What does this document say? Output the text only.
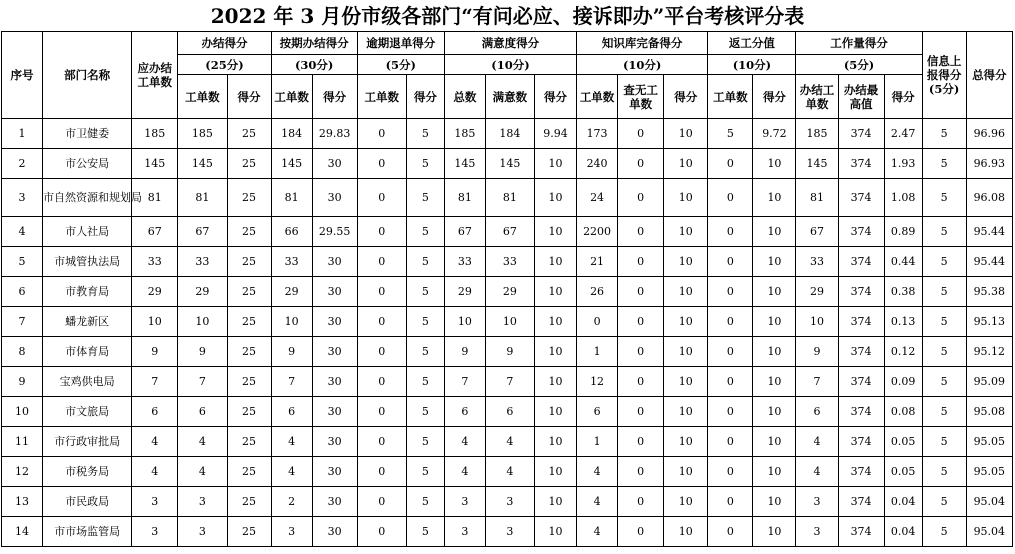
2022 年 3 月份市级各部门“有问必应、接诉即办”平台考核评分表
序号	部门名称	应办结工单数	办结得分		按期办结得分		逾期退单得分		满意度得分			知识库完备得分			返工分值		工作量得分			信息上报得分(5分)	总得分
			(25分)		(30分)		(5分)		(10分)			(10分)			(10分)		(5分)				
			工单数	得分	工单数	得分	工单数	得分	总数	满意数	得分	工单数	查无工单数	得分	工单数	得分	办结工单数	办结最高值	得分		
1	市卫健委	185	185	25	184	29.83	0	5	185	184	9.94	173	0	10	5	9.72	185	374	2.47	5	96.96
2	市公安局	145	145	25	145	30	0	5	145	145	10	240	0	10	0	10	145	374	1.93	5	96.93
3	市自然资源和规划局	81	81	25	81	30	0	5	81	81	10	24	0	10	0	10	81	374	1.08	5	96.08
4	市人社局	67	67	25	66	29.55	0	5	67	67	10	2200	0	10	0	10	67	374	0.89	5	95.44
5	市城管执法局	33	33	25	33	30	0	5	33	33	10	21	0	10	0	10	33	374	0.44	5	95.44
6	市教育局	29	29	25	29	30	0	5	29	29	10	26	0	10	0	10	29	374	0.38	5	95.38
7	蟠龙新区	10	10	25	10	30	0	5	10	10	10	0	0	10	0	10	10	374	0.13	5	95.13
8	市体育局	9	9	25	9	30	0	5	9	9	10	1	0	10	0	10	9	374	0.12	5	95.12
9	宝鸡供电局	7	7	25	7	30	0	5	7	7	10	12	0	10	0	10	7	374	0.09	5	95.09
10	市文旅局	6	6	25	6	30	0	5	6	6	10	6	0	10	0	10	6	374	0.08	5	95.08
11	市行政审批局	4	4	25	4	30	0	5	4	4	10	1	0	10	0	10	4	374	0.05	5	95.05
12	市税务局	4	4	25	4	30	0	5	4	4	10	4	0	10	0	10	4	374	0.05	5	95.05
13	市民政局	3	3	25	2	30	0	5	3	3	10	4	0	10	0	10	3	374	0.04	5	95.04
14	市市场监管局	3	3	25	3	30	0	5	3	3	10	4	0	10	0	10	3	374	0.04	5	95.04
